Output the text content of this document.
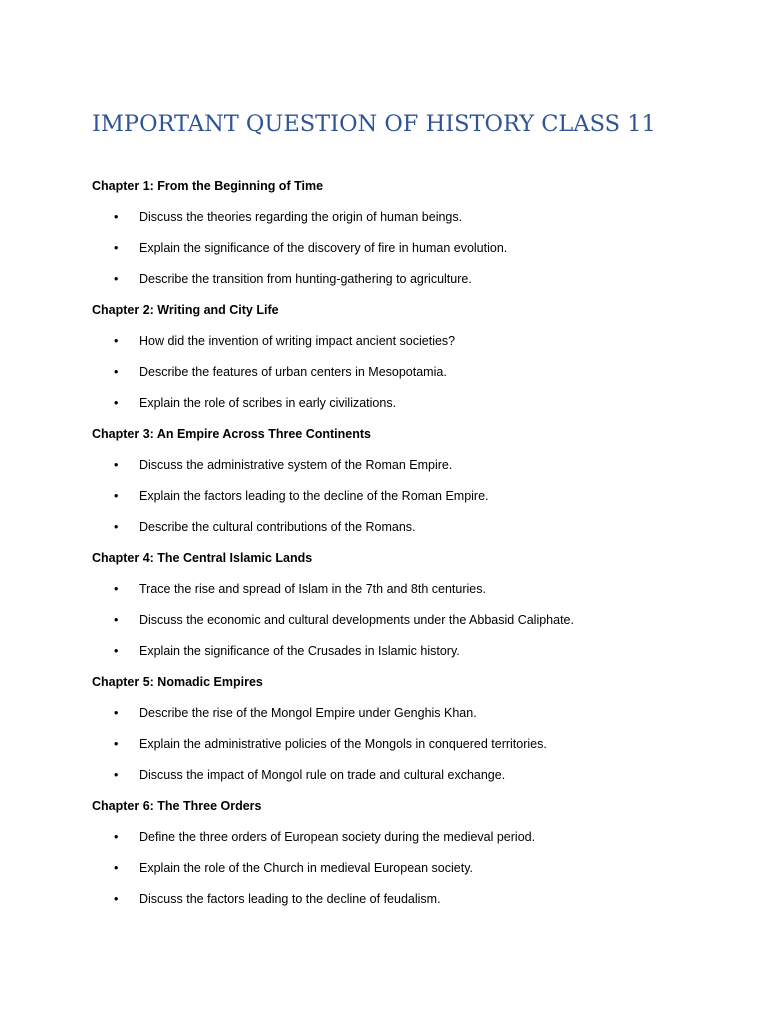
IMPORTANT QUESTION OF HISTORY CLASS 11

Chapter 1: From the Beginning of Time

• Discuss the theories regarding the origin of human beings.
• Explain the significance of the discovery of fire in human evolution.
• Describe the transition from hunting-gathering to agriculture.

Chapter 2: Writing and City Life

• How did the invention of writing impact ancient societies?
• Describe the features of urban centers in Mesopotamia.
• Explain the role of scribes in early civilizations.

Chapter 3: An Empire Across Three Continents

• Discuss the administrative system of the Roman Empire.
• Explain the factors leading to the decline of the Roman Empire.
• Describe the cultural contributions of the Romans.

Chapter 4: The Central Islamic Lands

• Trace the rise and spread of Islam in the 7th and 8th centuries.
• Discuss the economic and cultural developments under the Abbasid Caliphate.
• Explain the significance of the Crusades in Islamic history.

Chapter 5: Nomadic Empires

• Describe the rise of the Mongol Empire under Genghis Khan.
• Explain the administrative policies of the Mongols in conquered territories.
• Discuss the impact of Mongol rule on trade and cultural exchange.

Chapter 6: The Three Orders

• Define the three orders of European society during the medieval period.
• Explain the role of the Church in medieval European society.
• Discuss the factors leading to the decline of feudalism.
